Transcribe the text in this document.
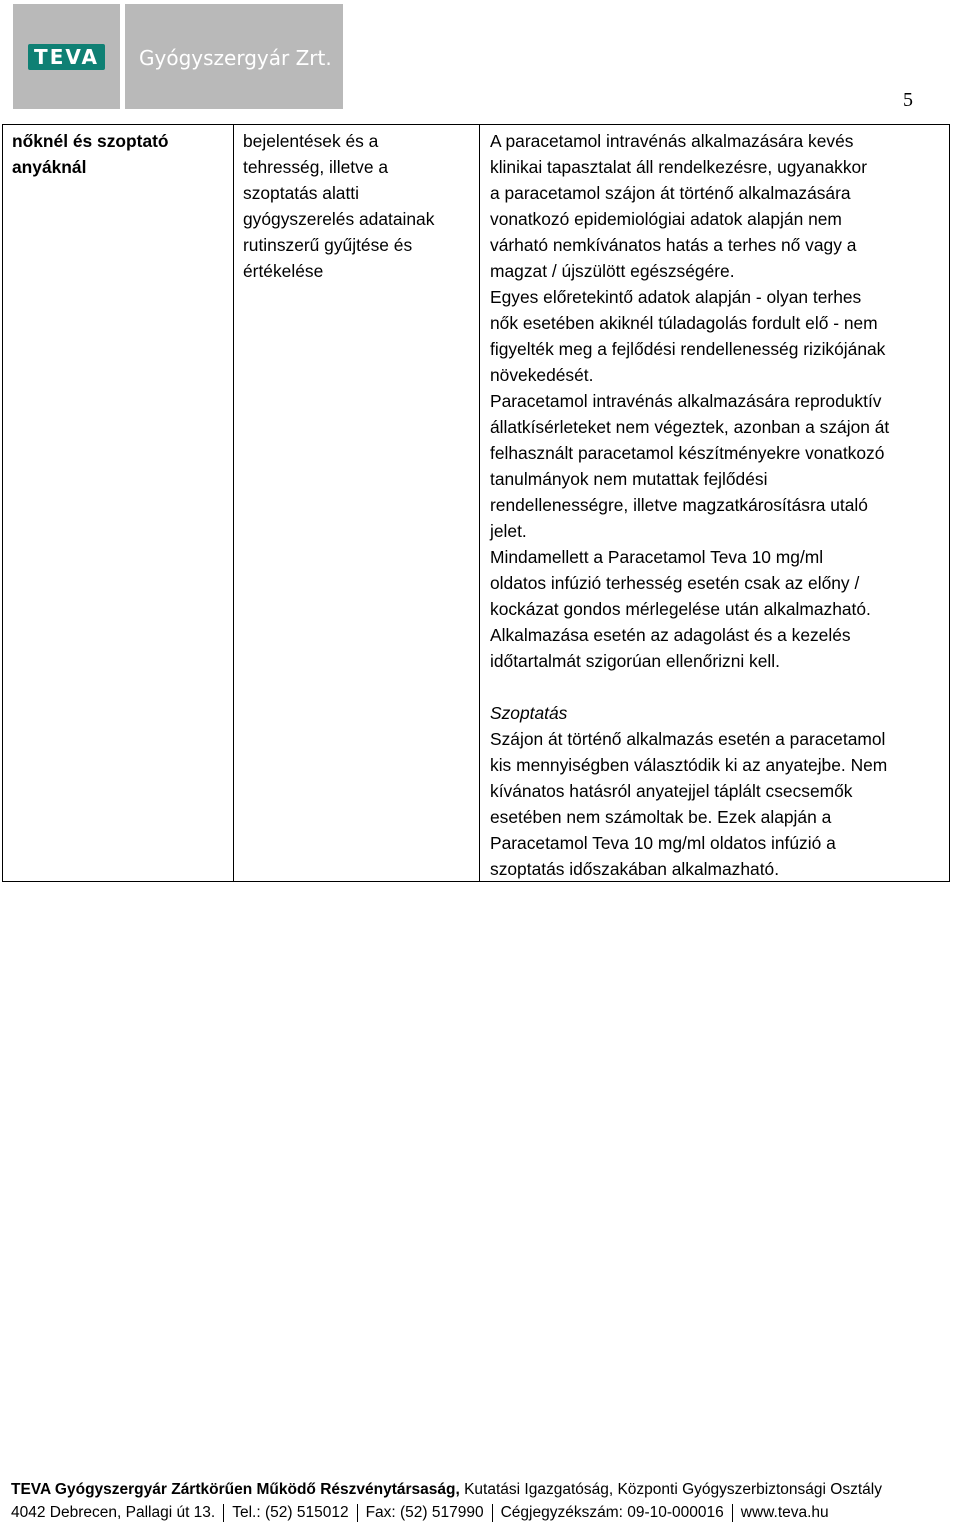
TEVA	Gyógyszergyár Zrt.
5
nőknél és szoptató
anyáknál
bejelentések és a
tehresség, illetve a
szoptatás alatti
gyógyszerelés adatainak
rutinszerű gyűjtése és
értékelése
A paracetamol intravénás alkalmazására kevés
klinikai tapasztalat áll rendelkezésre, ugyanakkor
a paracetamol szájon át történő alkalmazására
vonatkozó epidemiológiai adatok alapján nem
várható nemkívánatos hatás a terhes nő vagy a
magzat / újszülött egészségére.
Egyes előretekintő adatok alapján - olyan terhes
nők esetében akiknél túladagolás fordult elő - nem
figyelték meg a fejlődési rendellenesség rizikójának
növekedését.
Paracetamol intravénás alkalmazására reproduktív
állatkísérleteket nem végeztek, azonban a szájon át
felhasznált paracetamol készítményekre vonatkozó
tanulmányok nem mutattak fejlődési
rendellenességre, illetve magzatkárosításra utaló
jelet.
Mindamellett a Paracetamol Teva 10 mg/ml
oldatos infúzió terhesség esetén csak az előny /
kockázat gondos mérlegelése után alkalmazható.
Alkalmazása esetén az adagolást és a kezelés
időtartalmát szigorúan ellenőrizni kell.
Szoptatás
Szájon át történő alkalmazás esetén a paracetamol
kis mennyiségben választódik ki az anyatejbe. Nem
kívánatos hatásról anyatejjel táplált csecsemők
esetében nem számoltak be. Ezek alapján a
Paracetamol Teva 10 mg/ml oldatos infúzió a
szoptatás időszakában alkalmazható.
TEVA Gyógyszergyár Zártkörűen Működő Részvénytársaság, Kutatási Igazgatóság, Központi Gyógyszerbiztonsági Osztály
4042 Debrecen, Pallagi út 13. Tel.: (52) 515012 Fax: (52) 517990 Cégjegyzékszám: 09-10-000016 www.teva.hu
